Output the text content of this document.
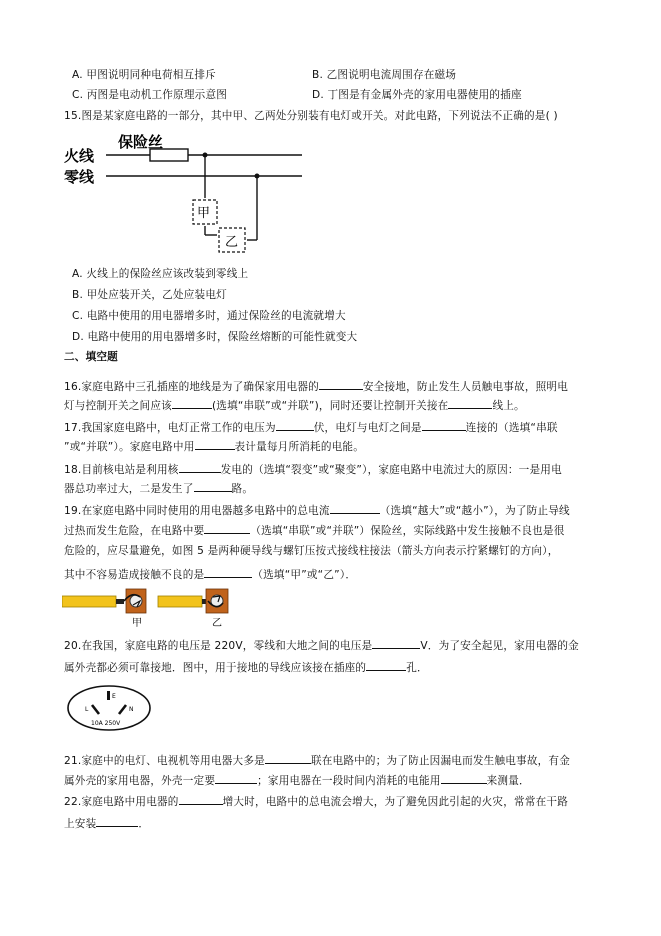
A. 甲图说明同种电荷相互排斥	B. 乙图说明电流周围存在磁场
C. 丙图是电动机工作原理示意图	D. 丁图是有金属外壳的家用电器使用的插座
15.图是某家庭电路的一部分，其中甲、乙两处分别装有电灯或开关。对此电路，下列说法不正确的是( )
保险丝
火线
零线
甲
乙
A. 火线上的保险丝应该改装到零线上
B. 甲处应装开关，乙处应装电灯
C. 电路中使用的用电器增多时，通过保险丝的电流就增大
D. 电路中使用的用电器增多时，保险丝熔断的可能性就变大
二、填空题
16.家庭电路中三孔插座的地线是为了确保家用电器的	安全接地，防止发生人员触电事故，照明电
灯与控制开关之间应该	(选填“串联”或“并联”)，同时还要让控制开关接在	线上。
17.我国家庭电路中，电灯正常工作的电压为	伏，电灯与电灯之间是	连接的（选填“串联
”或“并联”）。家庭电路中用	表计量每月所消耗的电能。
18.目前核电站是利用核	发电的（选填“裂变”或“聚变”），家庭电路中电流过大的原因：一是用电
器总功率过大，二是发生了	路。
19.在家庭电路中同时使用的用电器越多电路中的总电流	（选填“越大”或“越小”），为了防止导线
过热而发生危险，在电路中要	（选填“串联”或“并联”）保险丝，实际线路中发生接触不良也是很
危险的，应尽量避免，如图 5 是两种硬导线与螺钉压按式接线柱接法（箭头方向表示拧紧螺钉的方向），
其中不容易造成接触不良的是	（选填“甲”或“乙”）．
甲	乙
20.在我国，家庭电路的电压是 220V，零线和大地之间的电压是	V．为了安全起见，家用电器的金
属外壳都必须可靠接地．图中，用于接地的导线应该接在插座的	孔．
E
L	N
10A 250V
21.家庭中的电灯、电视机等用电器大多是	联在电路中的；为了防止因漏电而发生触电事故，有金
属外壳的家用电器，外壳一定要	；家用电器在一段时间内消耗的电能用	来测量．
22.家庭电路中用电器的	增大时，电路中的总电流会增大，为了避免因此引起的火灾，常常在干路
上安装	．
